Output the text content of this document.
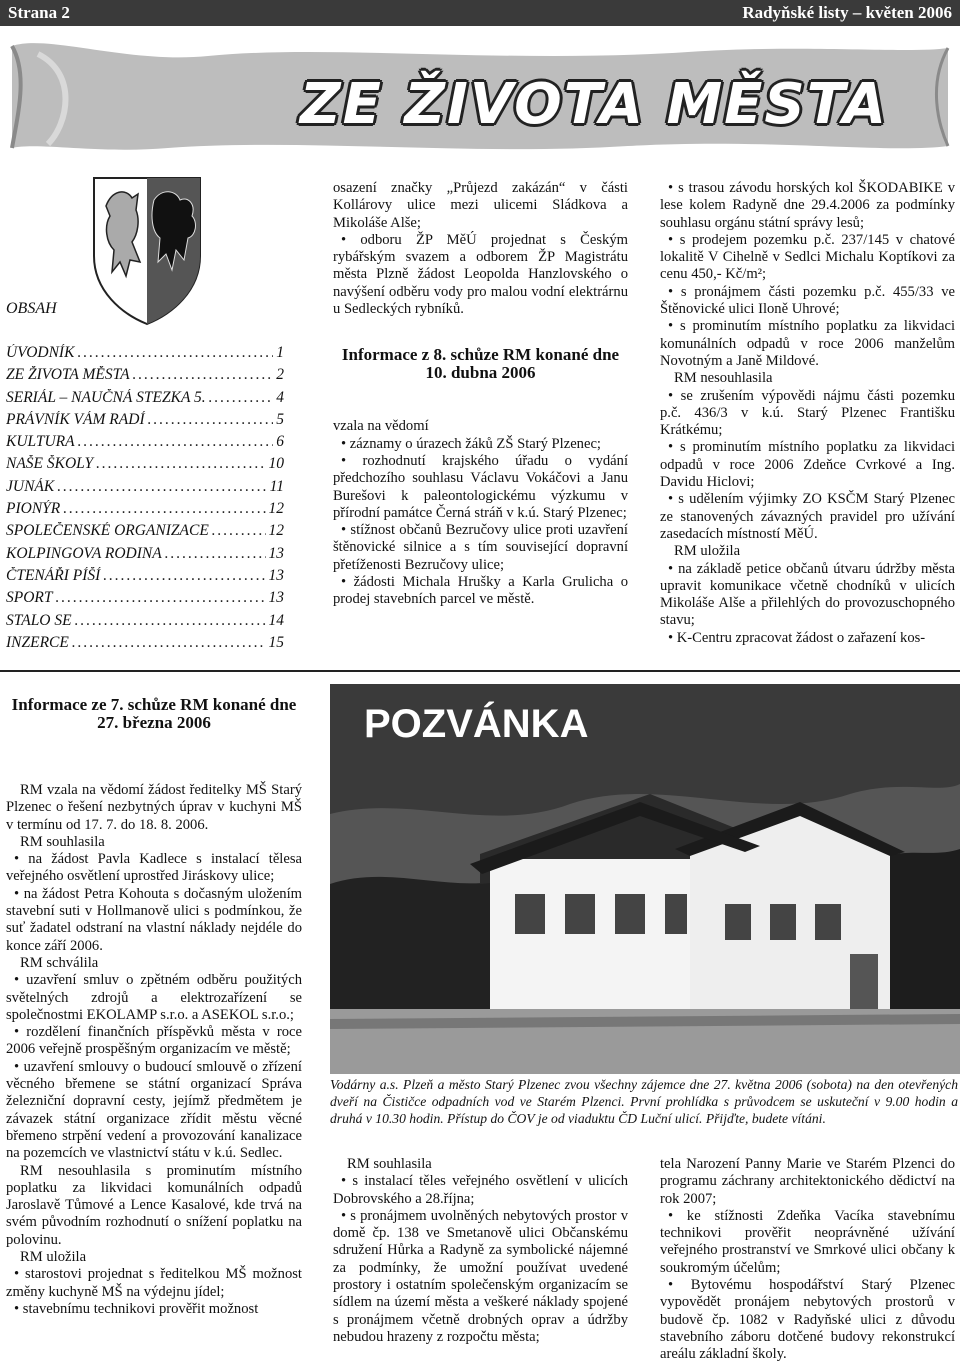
Strana 2	Radyňské listy – květen 2006
ZE ŽIVOTA MĚSTA
OBSAH
ÚVODNÍK .....	1
ZE ŽIVOTA MĚSTA .....	2
SERIÁL – NAUČNÁ STEZKA 5. .....	4
PRÁVNÍK VÁM RADÍ .....	5
KULTURA .....	6
NAŠE ŠKOLY .....	10
JUNÁK .....	11
PIONÝR .....	12
SPOLEČENSKÉ ORGANIZACE .....	12
KOLPINGOVA RODINA .....	13
ČTENÁŘI PÍŠÍ .....	13
SPORT .....	13
STALO SE .....	14
INZERCE .....	15

osazení značky „Průjezd zakázán“ v části Kollárovy ulice mezi ulicemi Sládkova a Mikoláše Alše;

• odboru ŽP MěÚ projednat s Českým rybářským svazem a odborem ŽP Magistrátu města Plzně žádost Leopolda Hanzlovského o navýšení odběru vody pro malou vodní elektrárnu u Sedleckých rybníků.

Informace z 8. schůze RM konané dne 10. dubna 2006

vzala na vědomí

• záznamy o úrazech žáků ZŠ Starý Plzenec;

• rozhodnutí krajského úřadu o vydání předchozího souhlasu Václavu Vokáčovi a Janu Burešovi k paleontologickému výzkumu v přírodní památce Černá stráň v k.ú. Starý Plzenec;

• stížnost občanů Bezručovy ulice proti uzavření štěnovické silnice a s tím související dopravní přetíženosti Bezručovy ulice;

• žádosti Michala Hrušky a Karla Grulicha o prodej stavebních parcel ve městě.

• s trasou závodu horských kol ŠKODABIKE v lese kolem Radyně dne 29.4.2006 za podmínky souhlasu orgánu státní správy lesů;

• s prodejem pozemku p.č. 237/145 v chatové lokalitě V Cihelně v Sedlci Michalu Koptíkovi za cenu 450,- Kč/m²;

• s pronájmem části pozemku p.č. 455/33 ve Štěnovické ulici Iloně Uhrové;

• s prominutím místního poplatku za likvidaci komunálních odpadů v roce 2006 manželům Novotným a Janě Mildové.

RM nesouhlasila

• se zrušením výpovědi nájmu části pozemku p.č. 436/3 v k.ú. Starý Plzenec Františku Krátkému;

• s prominutím místního poplatku za likvidaci odpadů v roce 2006 Zdeňce Cvrkové a Ing. Davidu Hiclovi;

• s udělením výjimky ZO KSČM Starý Plzenec ze stanovených závazných pravidel pro užívání zasedacích místností MěÚ.

RM uložila

• na základě petice občanů útvaru údržby města upravit komunikace včetně chodníků v ulicích Mikoláše Alše a přilehlých do provozuschopného stavu;

• K-Centru zpracovat žádost o zařazení kos-

Informace ze 7. schůze RM konané dne 27. března 2006

RM vzala na vědomí žádost ředitelky MŠ Starý Plzenec o řešení nezbytných úprav v kuchyni MŠ v termínu od 17. 7. do 18. 8. 2006.

RM souhlasila

• na žádost Pavla Kadlece s instalací tělesa veřejného osvětlení uprostřed Jiráskovy ulice;

• na žádost Petra Kohouta s dočasným uložením stavební suti v Hollmanově ulici s podmínkou, že suť žadatel odstraní na vlastní náklady nejdéle do konce září 2006.

RM schválila

• uzavření smluv o zpětném odběru použitých světelných zdrojů a elektrozařízení se společnostmi EKOLAMP s.r.o. a ASEKOL s.r.o.;

• rozdělení finančních příspěvků města v roce 2006 veřejně prospěšným organizacím ve městě;

• uzavření smlouvy o budoucí smlouvě o zřízení věcného břemene se státní organizací Správa železniční dopravní cesty, jejímž předmětem je závazek státní organizace zřídit městu věcné břemeno strpění vedení a provozování kanalizace na pozemcích ve vlastnictví státu v k.ú. Sedlec.

RM nesouhlasila s prominutím místního poplatku za likvidaci komunálních odpadů Jaroslavě Tůmové a Lence Kasalové, kde trvá na svém původním rozhodnutí o snížení poplatku na polovinu.

RM uložila

• starostovi projednat s ředitelkou MŠ možnost změny kuchyně MŠ na výdejnu jídel;

• stavebnímu technikovi prověřit možnost

POZVÁNKA
Vodárny a.s. Plzeň a město Starý Plzenec zvou všechny zájemce dne 27. května 2006 (sobota) na den otevřených dveří na Čističce odpadních vod ve Starém Plzenci. První prohlídka s průvodcem se uskuteční v 9.00 hodin a druhá v 10.30 hodin. Přístup do ČOV je od viaduktu ČD Luční ulicí. Přijďte, budete vítáni.

RM souhlasila

• s instalací těles veřejného osvětlení v ulicích Dobrovského a 28.října;

• s pronájmem uvolněných nebytových prostor v domě čp. 138 ve Smetanově ulici Občanskému sdružení Hůrka a Radyně za symbolické nájemné za podmínky, že umožní používat uvedené prostory i ostatním společenským organizacím se sídlem na území města a veškeré náklady spojené s pronájmem včetně drobných oprav a údržby nebudou hrazeny z rozpočtu města;

tela Narození Panny Marie ve Starém Plzenci do programu záchrany architektonického dědictví na rok 2007;

• ke stížnosti Zdeňka Vacíka stavebnímu technikovi prověřit neoprávněné užívání veřejného prostranství ve Smrkové ulici občany k soukromým účelům;

• Bytovému hospodářství Starý Plzenec vypovědět pronájem nebytových prostorů v budově čp. 1082 v Radyňské ulici z důvodu stavebního záboru dotčené budovy rekonstrukcí areálu základní školy.
